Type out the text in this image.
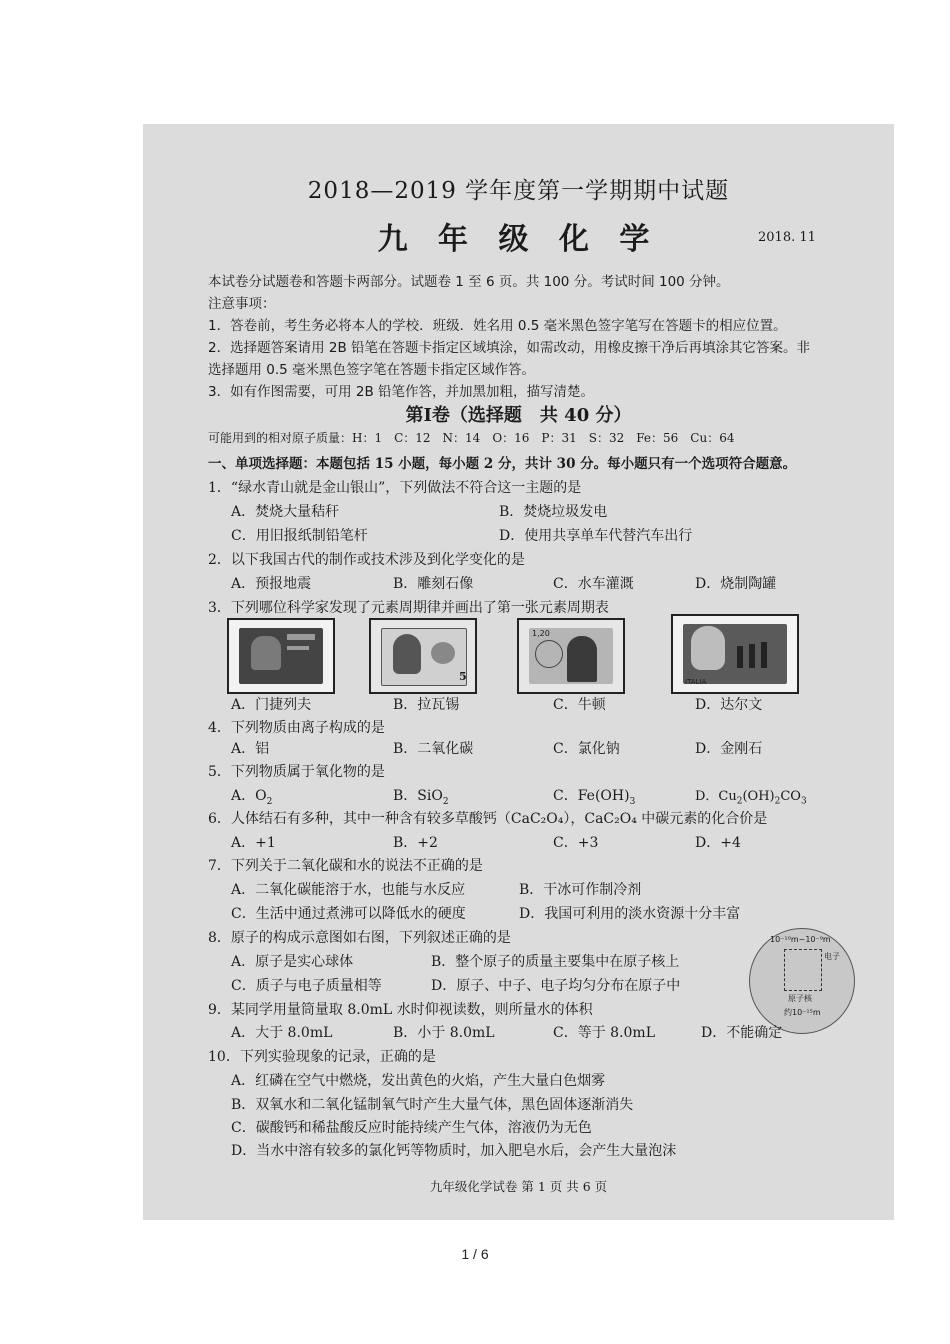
2018—2019 学年度第一学期期中试题
九 年 级 化 学	2018. 11
本试卷分试题卷和答题卡两部分。试题卷 1 至 6 页。共 100 分。考试时间 100 分钟。
注意事项：
1．答卷前，考生务必将本人的学校．班级．姓名用 0.5 毫米黑色签字笔写在答题卡的相应位置。
2．选择题答案请用 2B 铅笔在答题卡指定区域填涂，如需改动，用橡皮擦干净后再填涂其它答案。非
选择题用 0.5 毫米黑色签字笔在答题卡指定区域作答。
3．如有作图需要，可用 2B 铅笔作答，并加黑加粗，描写清楚。
第Ⅰ卷（选择题　共 40 分）
可能用到的相对原子质量：H：1　C：12　N：14　O：16　P：31　S：32　Fe：56　Cu：64
一、单项选择题：本题包括 15 小题，每小题 2 分，共计 30 分。每小题只有一个选项符合题意。
1．“绿水青山就是金山银山”，下列做法不符合这一主题的是
A．焚烧大量秸秆	B．焚烧垃圾发电
C．用旧报纸制铅笔杆	D．使用共享单车代替汽车出行
2．以下我国古代的制作或技术涉及到化学变化的是
A．预报地震	B．雕刻石像	C．水车灌溉	D．烧制陶罐
3．下列哪位科学家发现了元素周期律并画出了第一张元素周期表
5
1,20
ITALIA
A．门捷列夫	B．拉瓦锡	C．牛顿	D．达尔文
4．下列物质由离子构成的是
A．铝	B．二氧化碳	C．氯化钠	D．金刚石
5．下列物质属于氧化物的是
A．$O_2$	B．SiO$_2$	C．$Fe(OH)_3$	D．$Cu_2(OH)_2CO_3$
6．人体结石有多种，其中一种含有较多草酸钙（CaC₂O₄），CaC₂O₄ 中碳元素的化合价是
A．+1	B．+2	C．+3	D．+4
7．下列关于二氧化碳和水的说法不正确的是
A．二氧化碳能溶于水，也能与水反应	B．干冰可作制冷剂
C．生活中通过煮沸可以降低水的硬度	D．我国可利用的淡水资源十分丰富
8．原子的构成示意图如右图，下列叙述正确的是
A．原子是实心球体	B．整个原子的质量主要集中在原子核上
C．质子与电子质量相等	D．原子、中子、电子均匀分布在原子中
10⁻¹⁰m~10⁻⁹m
电子
原子核
约10⁻¹⁵m
9．某同学用量筒量取 8.0mL 水时仰视读数，则所量水的体积
A．大于 8.0mL	B．小于 8.0mL	C．等于 8.0mL	D．不能确定
10．下列实验现象的记录，正确的是
A．红磷在空气中燃烧，发出黄色的火焰，产生大量白色烟雾
B．双氧水和二氧化锰制氧气时产生大量气体，黑色固体逐渐消失
C．碳酸钙和稀盐酸反应时能持续产生气体，溶液仍为无色
D．当水中溶有较多的氯化钙等物质时，加入肥皂水后，会产生大量泡沫
九年级化学试卷 第 1 页 共 6 页
1 / 6
